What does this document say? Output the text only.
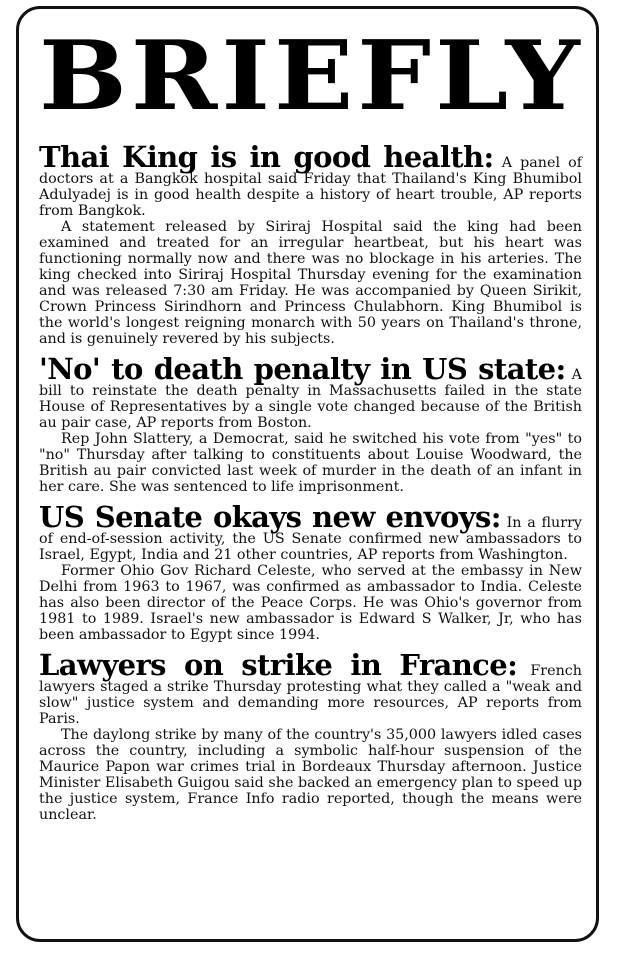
BRIEFLY

Thai King is in good health: A panel of doctors at a Bangkok hospital said Friday that Thailand's King Bhumibol Adulyadej is in good health despite a history of heart trouble, AP reports from Bangkok.

A statement released by Siriraj Hospital said the king had been examined and treated for an irregular heartbeat, but his heart was functioning normally now and there was no blockage in his arteries. The king checked into Siriraj Hospital Thursday evening for the examination and was released 7:30 am Friday. He was accompanied by Queen Sirikit, Crown Princess Sirindhorn and Princess Chulabhorn. King Bhumibol is the world's longest reigning monarch with 50 years on Thailand's throne, and is genuinely revered by his subjects.

'No' to death penalty in US state: A bill to reinstate the death penalty in Massachusetts failed in the state House of Representatives by a single vote changed because of the British au pair case, AP reports from Boston.

Rep John Slattery, a Democrat, said he switched his vote from "yes" to "no" Thursday after talking to constituents about Louise Woodward, the British au pair convicted last week of murder in the death of an infant in her care. She was sentenced to life imprisonment.

US Senate okays new envoys: In a flurry of end-of-session activity, the US Senate confirmed new ambassadors to Israel, Egypt, India and 21 other countries, AP reports from Washington.

Former Ohio Gov Richard Celeste, who served at the embassy in New Delhi from 1963 to 1967, was confirmed as ambassador to India. Celeste has also been director of the Peace Corps. He was Ohio's governor from 1981 to 1989. Israel's new ambassador is Edward S Walker, Jr, who has been ambassador to Egypt since 1994.

Lawyers on strike in France: French lawyers staged a strike Thursday protesting what they called a "weak and slow" justice system and demanding more resources, AP reports from Paris.

The daylong strike by many of the country's 35,000 lawyers idled cases across the country, including a symbolic half-hour suspension of the Maurice Papon war crimes trial in Bordeaux Thursday afternoon. Justice Minister Elisabeth Guigou said she backed an emergency plan to speed up the justice system, France Info radio reported, though the means were unclear.
